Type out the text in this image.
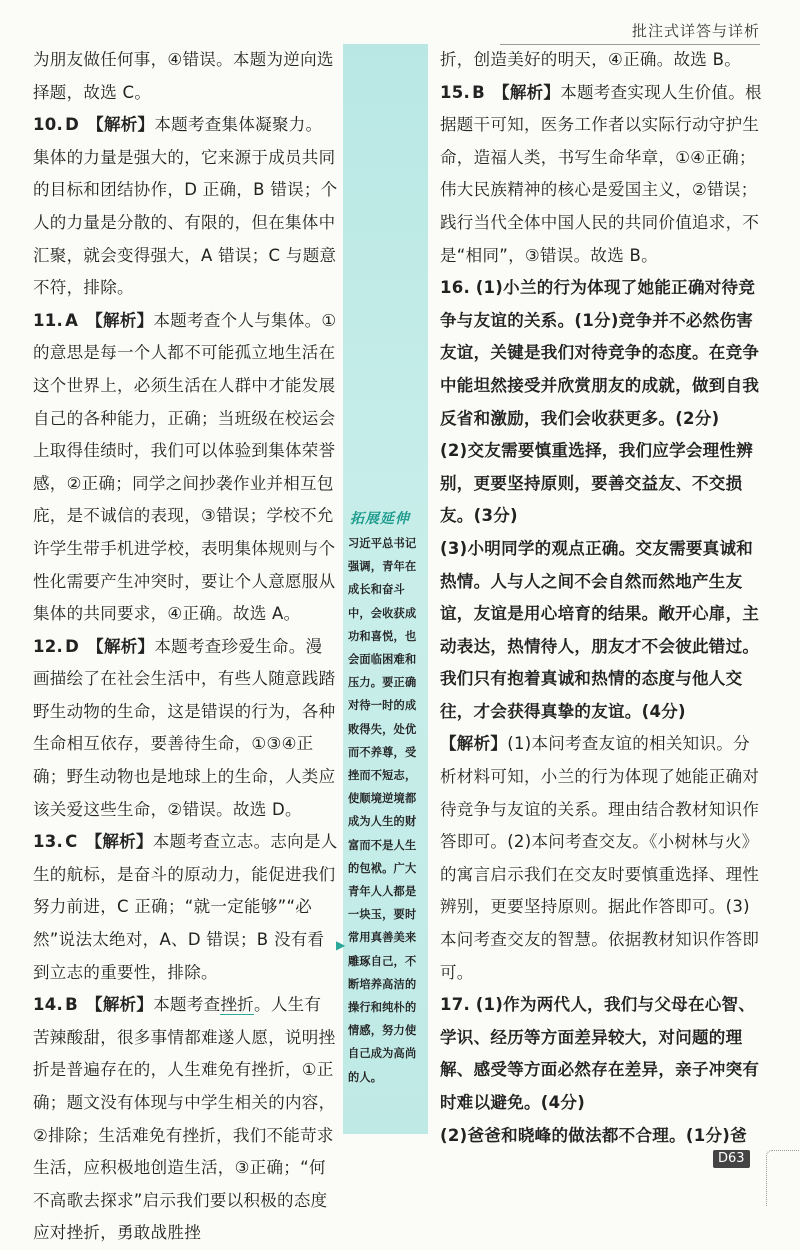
批注式详答与详析
拓展延伸
习近平总书记强调，青年在成长和奋斗中，会收获成功和喜悦，也会面临困难和压力。要正确对待一时的成败得失，处优而不养尊，受挫而不短志，使顺境逆境都成为人生的财富而不是人生的包袱。广大青年人人都是一块玉，要时常用真善美来雕琢自己，不断培养高洁的操行和纯朴的情感，努力使自己成为高尚的人。
▶

为朋友做任何事，④错误。本题为逆向选择题，故选 C。

10. D 【解析】本题考查集体凝聚力。集体的力量是强大的，它来源于成员共同的目标和团结协作，D 正确，B 错误；个人的力量是分散的、有限的，但在集体中汇聚，就会变得强大，A 错误；C 与题意不符，排除。

11. A 【解析】本题考查个人与集体。①的意思是每一个人都不可能孤立地生活在这个世界上，必须生活在人群中才能发展自己的各种能力，正确；当班级在校运会上取得佳绩时，我们可以体验到集体荣誉感，②正确；同学之间抄袭作业并相互包庇，是不诚信的表现，③错误；学校不允许学生带手机进学校，表明集体规则与个性化需要产生冲突时，要让个人意愿服从集体的共同要求，④正确。故选 A。

12. D 【解析】本题考查珍爱生命。漫画描绘了在社会生活中，有些人随意践踏野生动物的生命，这是错误的行为，各种生命相互依存，要善待生命，①③④正确；野生动物也是地球上的生命，人类应该关爱这些生命，②错误。故选 D。

13. C 【解析】本题考查立志。志向是人生的航标，是奋斗的原动力，能促进我们努力前进，C 正确；“就一定能够”“必然”说法太绝对，A、D 错误；B 没有看到立志的重要性，排除。

14. B 【解析】本题考查挫折。人生有苦辣酸甜，很多事情都难遂人愿，说明挫折是普遍存在的，人生难免有挫折，①正确；题文没有体现与中学生相关的内容，②排除；生活难免有挫折，我们不能苛求生活，应积极地创造生活，③正确；“何不高歌去探求”启示我们要以积极的态度应对挫折，勇敢战胜挫

折，创造美好的明天，④正确。故选 B。

15. B 【解析】本题考查实现人生价值。根据题干可知，医务工作者以实际行动守护生命，造福人类，书写生命华章，①④正确；伟大民族精神的核心是爱国主义，②错误；践行当代全体中国人民的共同价值追求，不是“相同”，③错误。故选 B。

16. (1)小兰的行为体现了她能正确对待竞争与友谊的关系。(1分)竞争并不必然伤害友谊，关键是我们对待竞争的态度。在竞争中能坦然接受并欣赏朋友的成就，做到自我反省和激励，我们会收获更多。(2分)
(2)交友需要慎重选择，我们应学会理性辨别，更要坚持原则，要善交益友、不交损友。(3分)
(3)小明同学的观点正确。交友需要真诚和热情。人与人之间不会自然而然地产生友谊，友谊是用心培育的结果。敞开心扉，主动表达，热情待人，朋友才不会彼此错过。我们只有抱着真诚和热情的态度与他人交往，才会获得真挚的友谊。(4分)
【解析】(1)本问考查友谊的相关知识。分析材料可知，小兰的行为体现了她能正确对待竞争与友谊的关系。理由结合教材知识作答即可。(2)本问考查交友。《小树林与火》的寓言启示我们在交友时要慎重选择、理性辨别，更要坚持原则。据此作答即可。(3)本问考查交友的智慧。依据教材知识作答即可。
17. (1)作为两代人，我们与父母在心智、学识、经历等方面差异较大，对问题的理解、感受等方面必然存在差异，亲子冲突有时难以避免。(4分)
(2)爸爸和晓峰的做法都不合理。(1分)爸
D63
